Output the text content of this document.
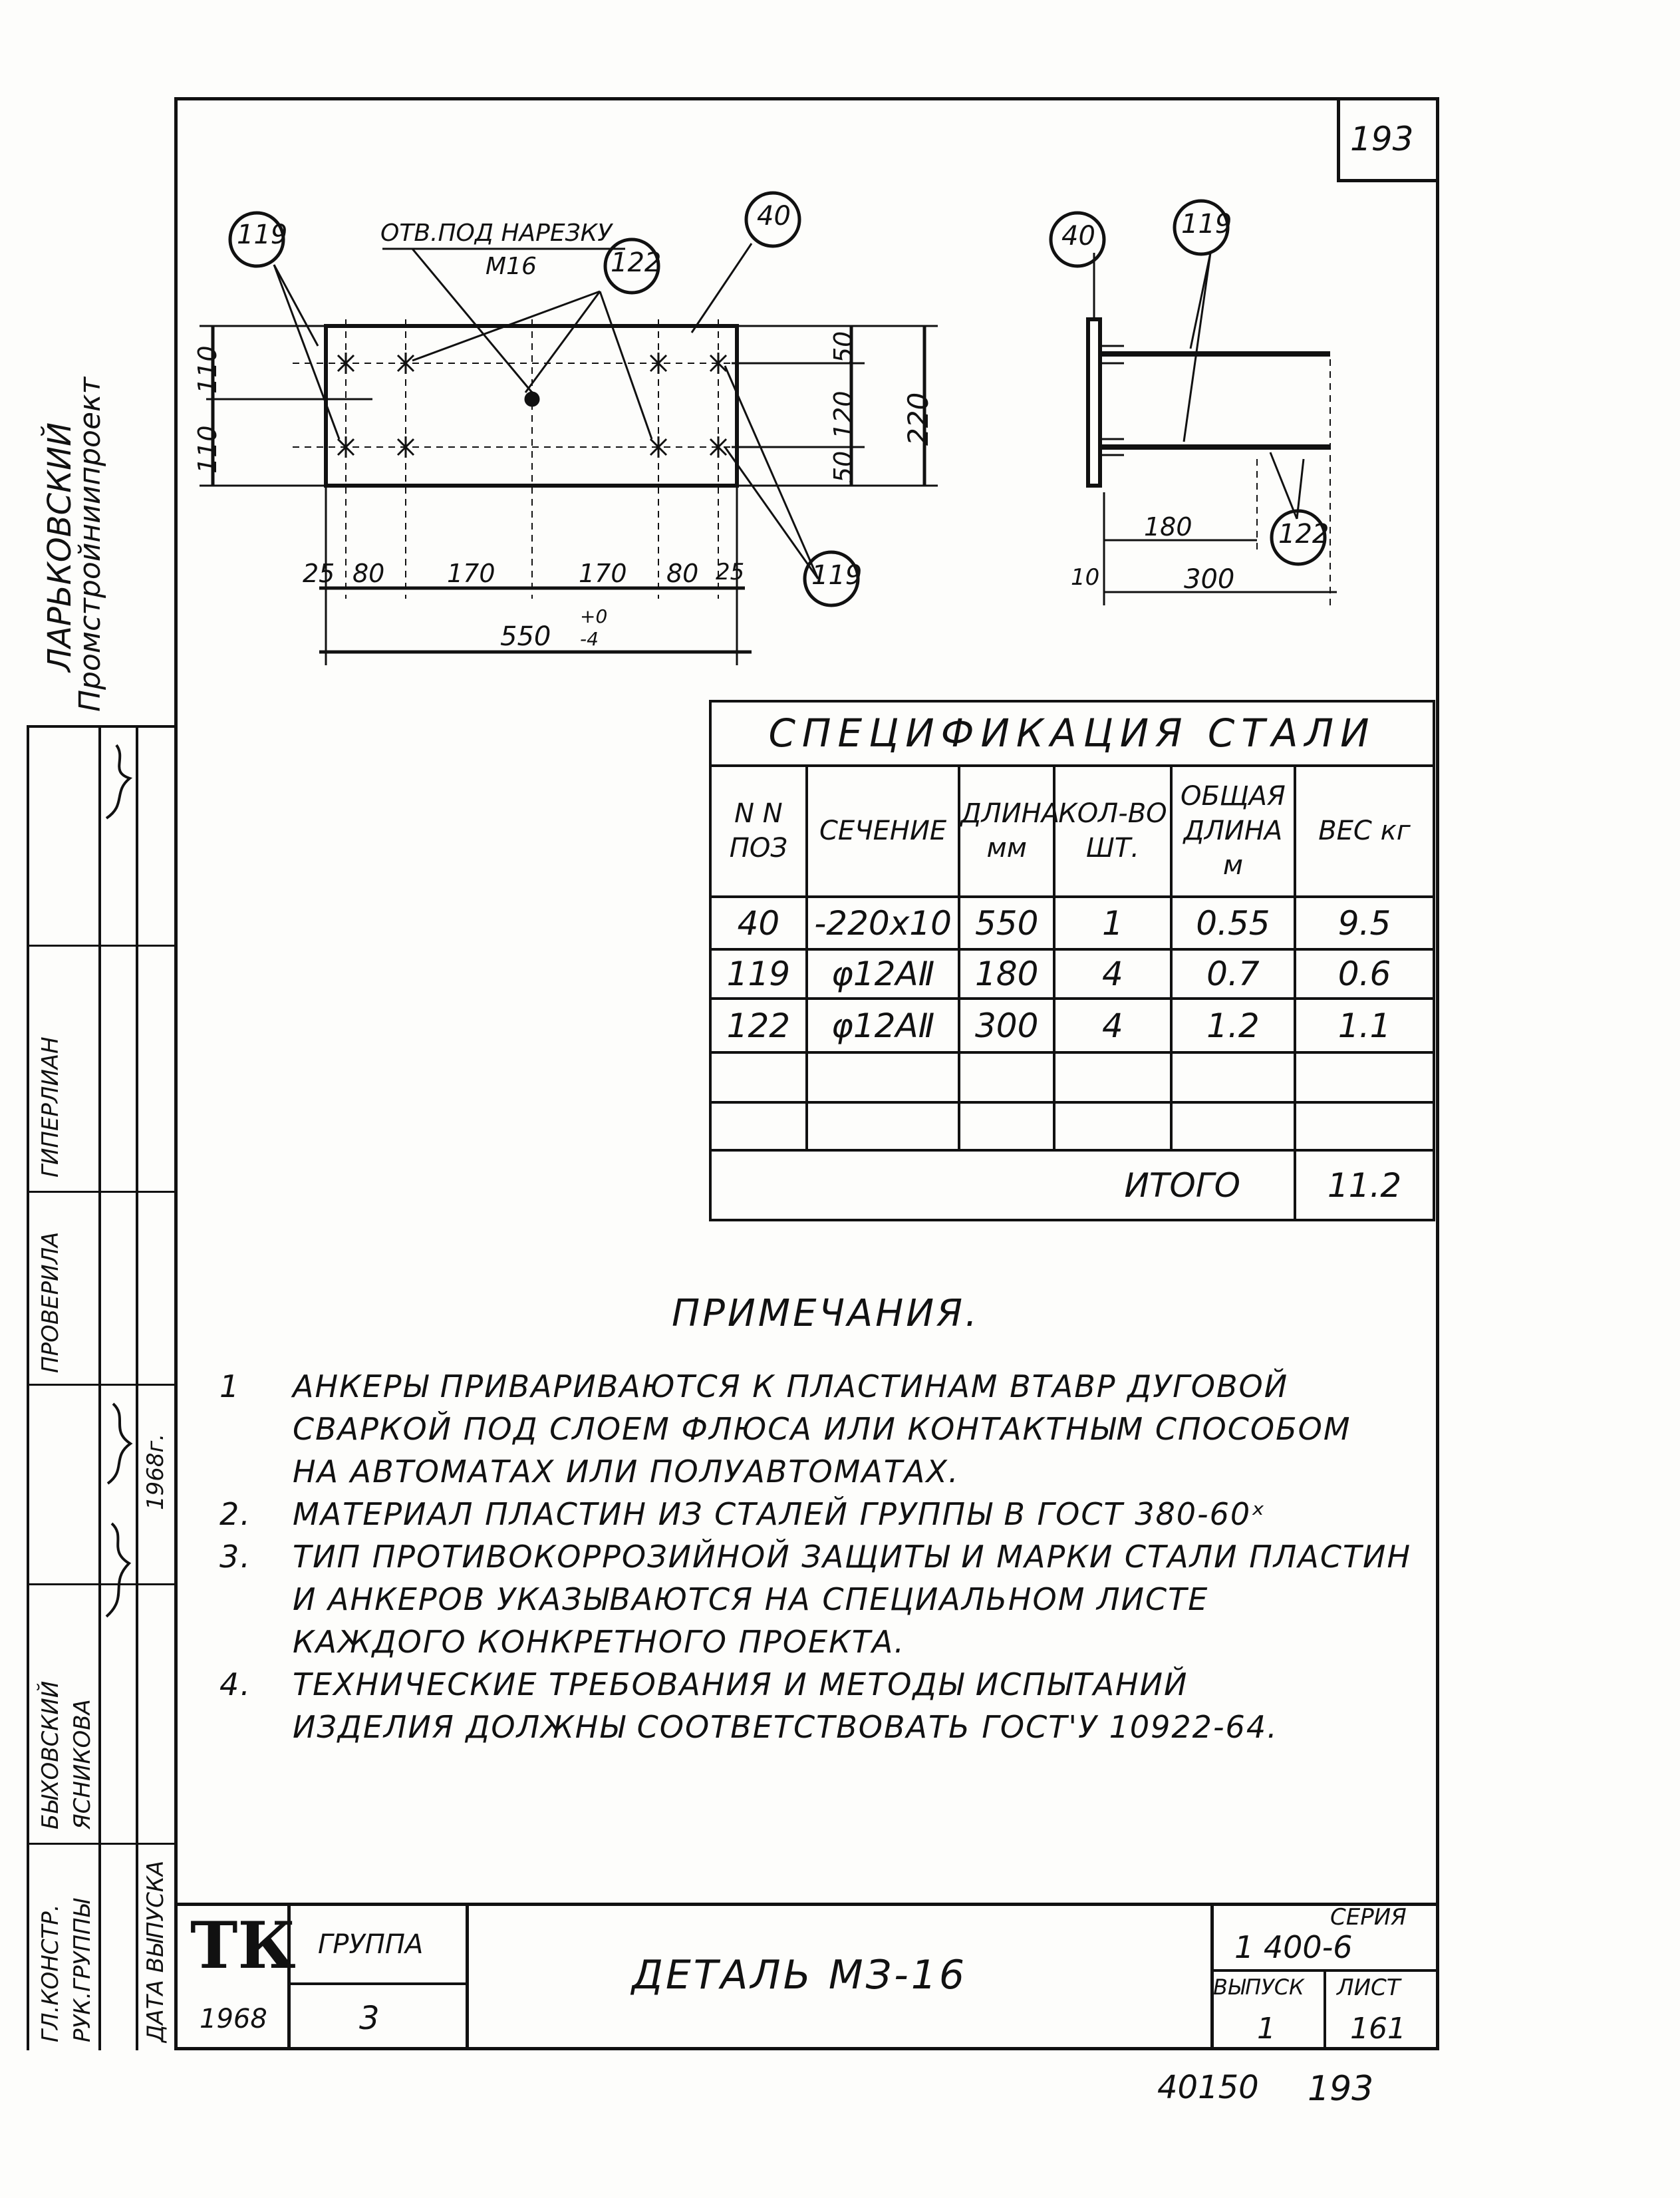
193
119
122
40
119
40	119
122
ОТВ.ПОД НАРЕЗКУ
M16
110
110
50
120
50
220
25 80 170	170 80 25
550
+0
-4
180
300
10
СПЕЦИФИКАЦИЯ СТАЛИ					
N N ПОЗ	СЕЧЕНИЕ	ДЛИНА мм	КОЛ-ВО ШТ.	ОБЩАЯ ДЛИНА м	ВЕС кг
40	-220х10	550	1	0.55	9.5
119	φ12АⅡ	180	4	0.7	0.6
122	φ12АⅡ	300	4	1.2	1.1

ИТОГО					11.2
ПРИМЕЧАНИЯ.
1	АНКЕРЫ ПРИВАРИВАЮТСЯ К ПЛАСТИНАМ ВТАВР ДУГОВОЙ
СВАРКОЙ ПОД СЛОЕМ ФЛЮСА ИЛИ КОНТАКТНЫМ СПОСОБОМ
НА АВТОМАТАХ ИЛИ ПОЛУАВТОМАТАХ.
2. МАТЕРИАЛ ПЛАСТИН ИЗ СТАЛЕЙ ГРУППЫ В ГОСТ 380-60ˣ
3. ТИП ПРОТИВОКОРРОЗИЙНОЙ ЗАЩИТЫ И МАРКИ СТАЛИ ПЛАСТИН
И АНКЕРОВ УКАЗЫВАЮТСЯ НА СПЕЦИАЛЬНОМ ЛИСТЕ
КАЖДОГО КОНКРЕТНОГО ПРОЕКТА.
4. ТЕХНИЧЕСКИЕ ТРЕБОВАНИЯ И МЕТОДЫ ИСПЫТАНИЙ
ИЗДЕЛИЯ ДОЛЖНЫ СООТВЕТСТВОВАТЬ ГОСТ'У 10922-64.
ТК
1968
ГРУППА
3
ДЕТАЛЬ МЗ-16
СЕРИЯ
1 400-6
ВЫПУСК
1
ЛИСТ
161
ЛАРЬКОВСКИЙ
Промстройниипроект
ГИПЕРЛИАН
ПРОВЕРИЛА
БЫХОВСКИЙ ЯСНИКОВА
1968г.
ГЛ.КОНСТР. РУК.ГРУППЫ ДАТА ВЫПУСКА
40150 193
